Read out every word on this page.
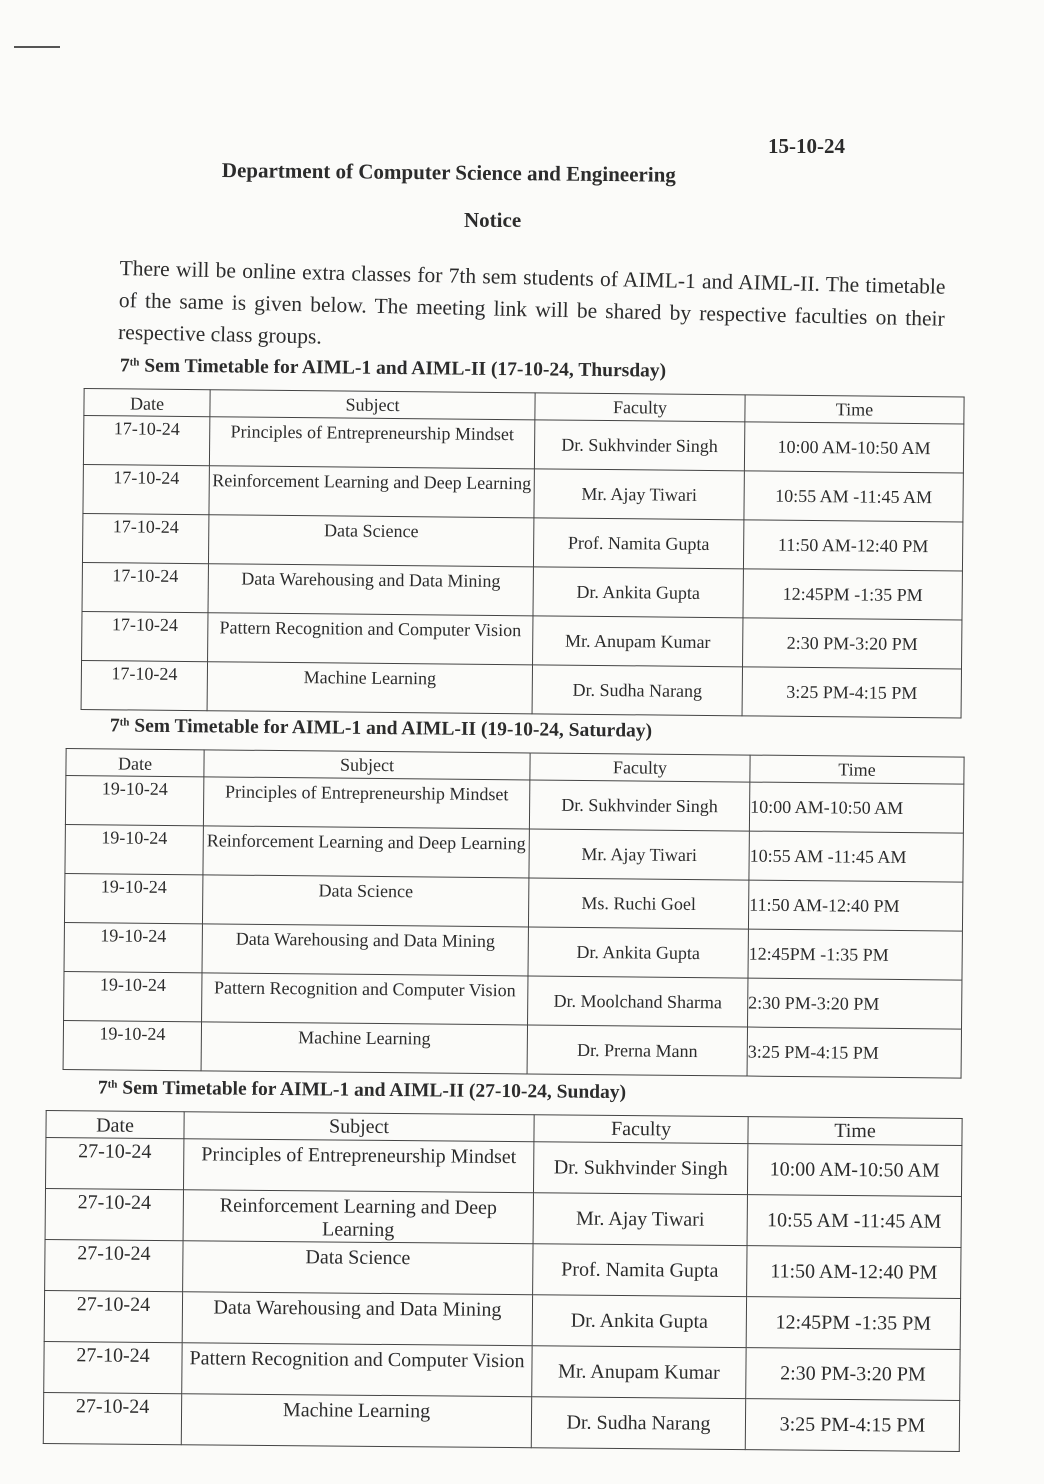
15-10-24
Department of Computer Science and Engineering
Notice

There will be online extra classes for 7th sem students of AIML-1 and AIML-II. The timetable of the same is given below. The meeting link will be shared by respective faculties on their respective class groups.

7th Sem Timetable for AIML-1 and AIML-II (17-10-24, Thursday)
Date	Subject	Faculty	Time
17-10-24	Principles of Entrepreneurship Mindset	Dr. Sukhvinder Singh	10:00 AM-10:50 AM
17-10-24	Reinforcement Learning and Deep Learning	Mr. Ajay Tiwari	10:55 AM -11:45 AM
17-10-24	Data Science	Prof. Namita Gupta	11:50 AM-12:40 PM
17-10-24	Data Warehousing and Data Mining	Dr. Ankita Gupta	12:45PM -1:35 PM
17-10-24	Pattern Recognition and Computer Vision	Mr. Anupam Kumar	2:30 PM-3:20 PM
17-10-24	Machine Learning	Dr. Sudha Narang	3:25 PM-4:15 PM
7th Sem Timetable for AIML-1 and AIML-II (19-10-24, Saturday)
Date	Subject	Faculty	Time
19-10-24	Principles of Entrepreneurship Mindset	Dr. Sukhvinder Singh	10:00 AM-10:50 AM
19-10-24	Reinforcement Learning and Deep Learning	Mr. Ajay Tiwari	10:55 AM -11:45 AM
19-10-24	Data Science	Ms. Ruchi Goel	11:50 AM-12:40 PM
19-10-24	Data Warehousing and Data Mining	Dr. Ankita Gupta	12:45PM -1:35 PM
19-10-24	Pattern Recognition and Computer Vision	Dr. Moolchand Sharma	2:30 PM-3:20 PM
19-10-24	Machine Learning	Dr. Prerna Mann	3:25 PM-4:15 PM
7th Sem Timetable for AIML-1 and AIML-II (27-10-24, Sunday)
Date	Subject	Faculty	Time
27-10-24	Principles of Entrepreneurship Mindset	Dr. Sukhvinder Singh	10:00 AM-10:50 AM
27-10-24	Reinforcement Learning and Deep Learning	Mr. Ajay Tiwari	10:55 AM -11:45 AM
27-10-24	Data Science	Prof. Namita Gupta	11:50 AM-12:40 PM
27-10-24	Data Warehousing and Data Mining	Dr. Ankita Gupta	12:45PM -1:35 PM
27-10-24	Pattern Recognition and Computer Vision	Mr. Anupam Kumar	2:30 PM-3:20 PM
27-10-24	Machine Learning	Dr. Sudha Narang	3:25 PM-4:15 PM
